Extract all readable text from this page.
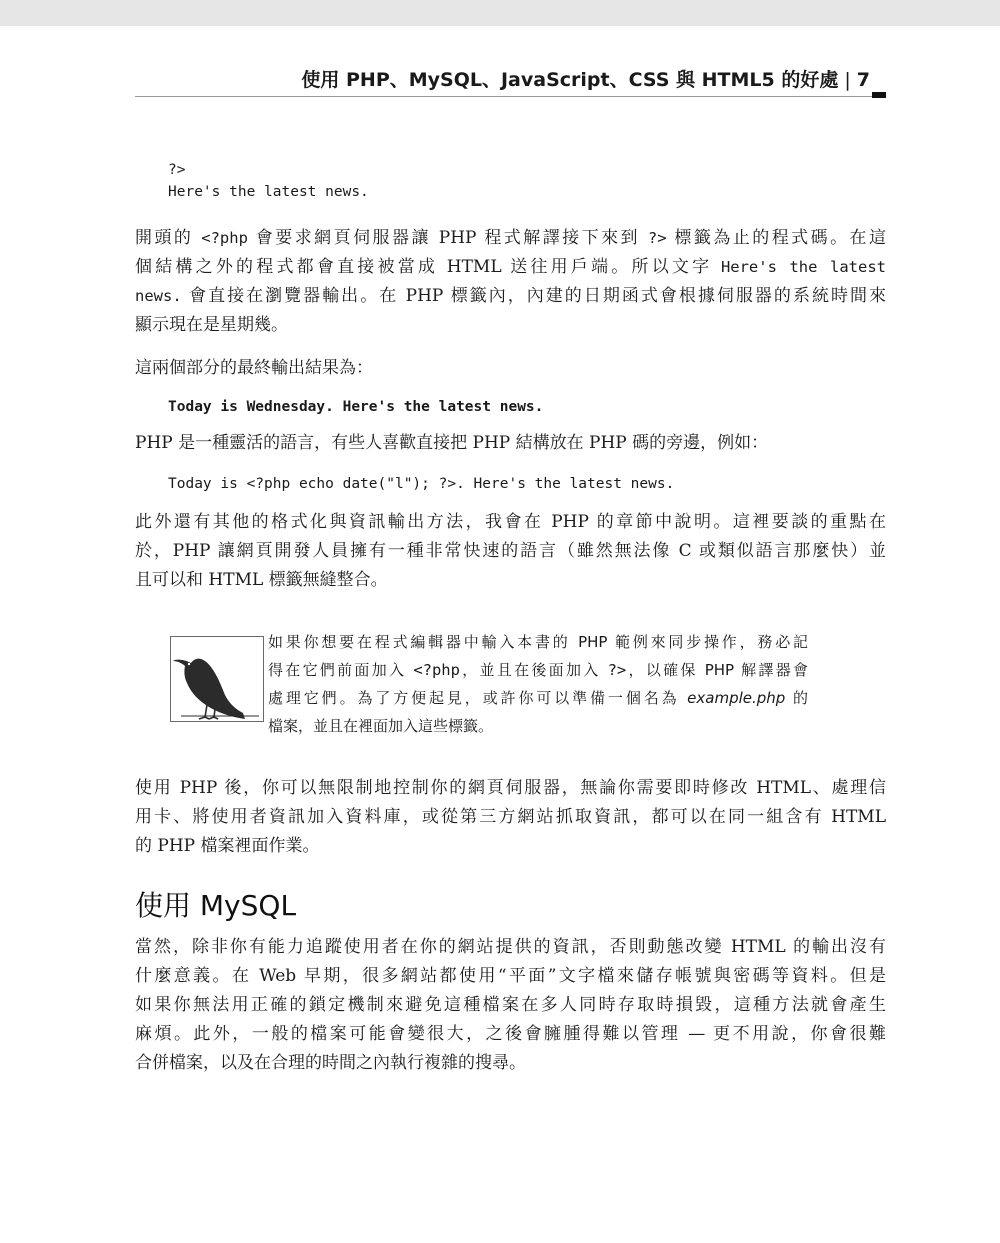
使用 PHP、MySQL、JavaScript、CSS 與 HTML5 的好處 | 7
?>
Here's the latest news.
開頭的 <?php 會要求網頁伺服器讓 PHP 程式解譯接下來到 ?> 標籤為止的程式碼。在這
個結構之外的程式都會直接被當成 HTML 送往用戶端。所以文字 Here's the latest
news. 會直接在瀏覽器輸出。在 PHP 標籤內，內建的日期函式會根據伺服器的系統時間來
顯示現在是星期幾。
這兩個部分的最終輸出結果為：
Today is Wednesday. Here's the latest news.
PHP 是一種靈活的語言，有些人喜歡直接把 PHP 結構放在 PHP 碼的旁邊，例如：
Today is <?php echo date("l"); ?>. Here's the latest news.
此外還有其他的格式化與資訊輸出方法，我會在 PHP 的章節中說明。這裡要談的重點在
於，PHP 讓網頁開發人員擁有一種非常快速的語言（雖然無法像 C 或類似語言那麼快）並
且可以和 HTML 標籤無縫整合。
如果你想要在程式編輯器中輸入本書的 PHP 範例來同步操作，務必記
得在它們前面加入 <?php，並且在後面加入 ?>，以確保 PHP 解譯器會
處理它們。為了方便起見，或許你可以準備一個名為 example.php 的
檔案，並且在裡面加入這些標籤。
使用 PHP 後，你可以無限制地控制你的網頁伺服器，無論你需要即時修改 HTML、處理信
用卡、將使用者資訊加入資料庫，或從第三方網站抓取資訊，都可以在同一組含有 HTML
的 PHP 檔案裡面作業。
使用 MySQL
當然，除非你有能力追蹤使用者在你的網站提供的資訊，否則動態改變 HTML 的輸出沒有
什麼意義。在 Web 早期，很多網站都使用“平面”文字檔來儲存帳號與密碼等資料。但是
如果你無法用正確的鎖定機制來避免這種檔案在多人同時存取時損毀，這種方法就會產生
麻煩。此外，一般的檔案可能會變很大，之後會臃腫得難以管理 — 更不用說，你會很難
合併檔案，以及在合理的時間之內執行複雜的搜尋。
